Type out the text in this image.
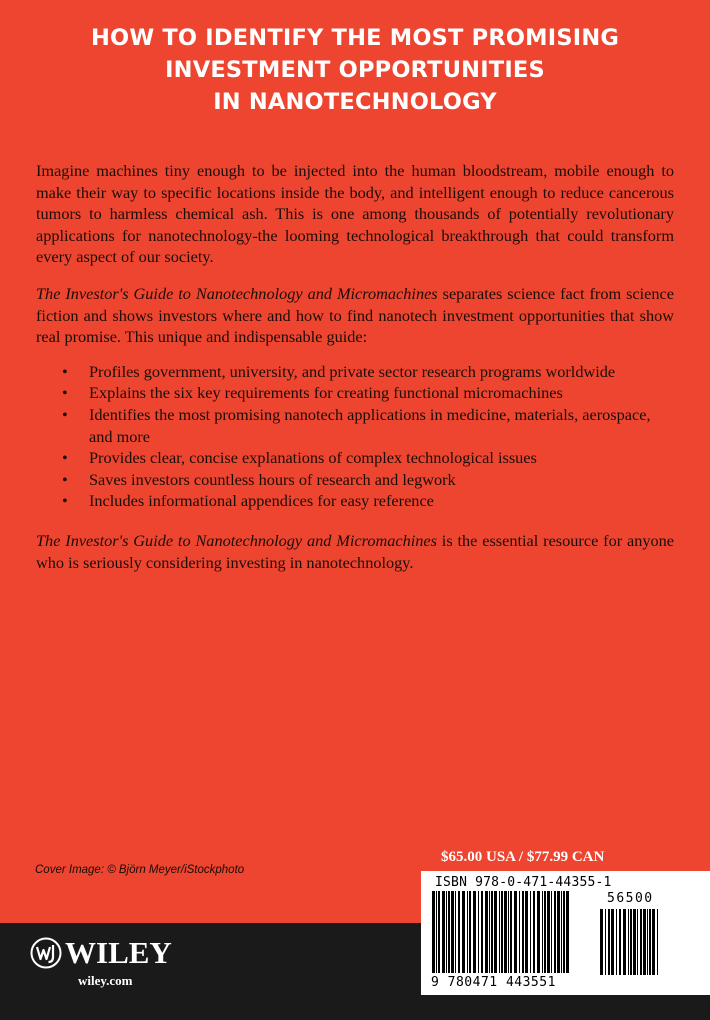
HOW TO IDENTIFY THE MOST PROMISING
INVESTMENT OPPORTUNITIES
IN NANOTECHNOLOGY

Imagine machines tiny enough to be injected into the human bloodstream, mobile enough to make their way to specific locations inside the body, and intelligent enough to reduce cancerous tumors to harmless chemical ash. This is one among thousands of potentially revolutionary applications for nanotechnology-the looming technological breakthrough that could transform every aspect of our society.

The Investor's Guide to Nanotechnology and Micromachines separates science fact from science fiction and shows investors where and how to find nanotech investment opportunities that show real promise. This unique and indispensable guide:

• Profiles government, university, and private sector research programs worldwide
• Explains the six key requirements for creating functional micromachines
• Identifies the most promising nanotech applications in medicine, materials, aerospace, and more
• Provides clear, concise explanations of complex technological issues
• Saves investors countless hours of research and legwork
• Includes informational appendices for easy reference

The Investor's Guide to Nanotechnology and Micromachines is the essential resource for anyone who is seriously considering investing in nanotechnology.

Cover Image: © Björn Meyer/iStockphoto
$65.00 USA / $77.99 CAN
WILEY
wiley.com
ISBN 978-0-471-44355-1
56500
9 780471 443551
